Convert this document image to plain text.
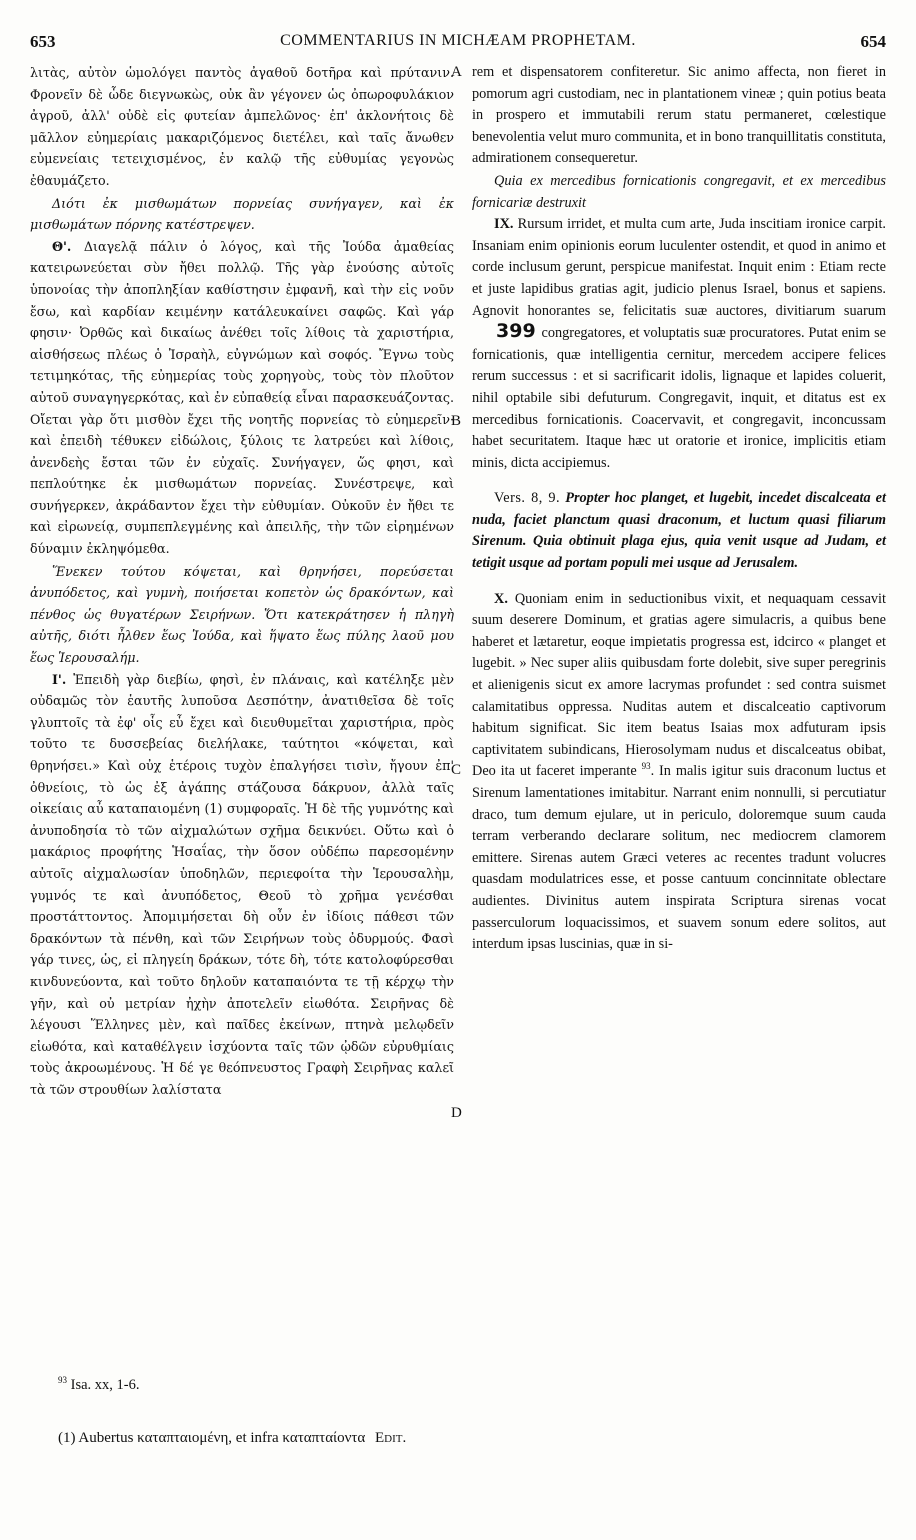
653	COMMENTARIUS IN MICHÆAM PROPHETAM.	654

λιτὰς, αὐτὸν ὡμολόγει παντὸς ἀγαθοῦ δοτῆρα καὶ πρύτανιν. Φρονεῖν δὲ ὧδε διεγνωκὼς, οὐκ ἂν γέγονεν ὡς ὀπωροφυλάκιον ἀγροῦ, ἀλλ' οὐδὲ εἰς φυτείαν ἀμπελῶνος· ἐπ' ἀκλονήτοις δὲ μᾶλλον εὐημερίαις μακαριζόμενος διετέλει, καὶ ταῖς ἄνωθεν εὐμενείαις τετειχισμένος, ἐν καλῷ τῆς εὐθυμίας γεγονὼς ἐθαυμάζετο.

Διότι ἐκ μισθωμάτων πορνείας συνήγαγεν, καὶ ἐκ μισθωμάτων πόρνης κατέστρεψεν.

Θ'. Διαγελᾷ πάλιν ὁ λόγος, καὶ τῆς Ἰούδα ἀμαθείας κατειρωνεύεται σὺν ἤθει πολλῷ. Τῆς γὰρ ἐνούσης αὐτοῖς ὑπονοίας τὴν ἀποπληξίαν καθίστησιν ἐμφανῆ, καὶ τὴν εἰς νοῦν ἔσω, καὶ καρδίαν κειμένην κατάλευκαίνει σαφῶς. Καὶ γάρ φησιν· Ὀρθῶς καὶ δικαίως ἀνέθει τοῖς λίθοις τὰ χαριστήρια, αἰσθήσεως πλέως ὁ Ἰσραὴλ, εὐγνώμων καὶ σοφός. Ἔγνω τοὺς τετιμηκότας, τῆς εὐημερίας τοὺς χορηγοὺς, τοὺς τὸν πλοῦτον αὐτοῦ συναγηγερκότας, καὶ ἐν εὐπαθείᾳ εἶναι παρασκευάζοντας. Οἴεται γὰρ ὅτι μισθὸν ἔχει τῆς νοητῆς πορνείας τὸ εὐημερεῖν· καὶ ἐπειδὴ τέθυκεν εἰδώλοις, ξύλοις τε λατρεύει καὶ λίθοις, ἀνενδεὴς ἔσται τῶν ἐν εὐχαῖς. Συνήγαγεν, ὥς φησι, καὶ πεπλούτηκε ἐκ μισθωμάτων πορνείας. Συνέστρεψε, καὶ συνήγερκεν, ἀκράδαντον ἔχει τὴν εὐθυμίαν. Οὐκοῦν ἐν ἤθει τε καὶ εἰρωνείᾳ, συμπεπλεγμένης καὶ ἀπειλῆς, τὴν τῶν εἰρημένων δύναμιν ἐκληψόμεθα.

Ἕνεκεν τούτου κόψεται, καὶ θρηνήσει, πορεύσεται ἀνυπόδετος, καὶ γυμνὴ, ποιήσεται κοπετὸν ὡς δρακόντων, καὶ πένθος ὡς θυγατέρων Σειρήνων. Ὅτι κατεκράτησεν ἡ πληγὴ αὐτῆς, διότι ἦλθεν ἕως Ἰούδα, καὶ ἥψατο ἕως πύλης λαοῦ μου ἕως Ἱερουσαλήμ.

Ι'. Ἐπειδὴ γὰρ διεβίω, φησὶ, ἐν πλάναις, καὶ κατέληξε μὲν οὐδαμῶς τὸν ἑαυτῆς λυποῦσα Δεσπότην, ἀνατιθεῖσα δὲ τοῖς γλυπτοῖς τὰ ἐφ' οἷς εὖ ἔχει καὶ διευθυμεῖται χαριστήρια, πρὸς τοῦτο τε δυσσεβείας διελήλακε, ταύτητοι «κόψεται, καὶ θρηνήσει.» Καὶ οὐχ ἑτέροις τυχὸν ἐπαλγήσει τισὶν, ἤγουν ἐπ' ὀθνείοις, τὸ ὡς ἐξ ἀγάπης στάζουσα δάκρυον, ἀλλὰ ταῖς οἰκείαις αὖ καταπαιομένη (1) συμφοραῖς. Ἡ δὲ τῆς γυμνότης καὶ ἀνυποδησία τὸ τῶν αἰχμαλώτων σχῆμα δεικνύει. Οὕτω καὶ ὁ μακάριος προφήτης Ἡσαΐας, τὴν ὅσον οὐδέπω παρεσομένην αὐτοῖς αἰχμαλωσίαν ὑποδηλῶν, περιεφοίτα τὴν Ἱερουσαλὴμ, γυμνός τε καὶ ἀνυπόδετος, Θεοῦ τὸ χρῆμα γενέσθαι προστάττοντος. Ἀπομιμήσεται δὴ οὖν ἐν ἰδίοις πάθεσι τῶν δρακόντων τὰ πένθη, καὶ τῶν Σειρήνων τοὺς ὀδυρμούς. Φασὶ γάρ τινες, ὡς, εἰ πληγείη δράκων, τότε δὴ, τότε κατολοφύρεσθαι κινδυνεύοντα, καὶ τοῦτο δηλοῦν καταπαιόντα τε τῇ κέρχῳ τὴν γῆν, καὶ οὐ μετρίαν ἠχὴν ἀποτελεῖν εἰωθότα. Σειρῆνας δὲ λέγουσι Ἕλληνες μὲν, καὶ παῖδες ἐκείνων, πτηνὰ μελῳδεῖν εἰωθότα, καὶ καταθέλγειν ἰσχύοντα ταῖς τῶν ᾠδῶν εὐρυθμίαις τοὺς ἀκροωμένους. Ἡ δέ γε θεόπνευστος Γραφὴ Σειρῆνας καλεῖ τὰ τῶν στρουθίων λαλίστατα

A
B
C
D

rem et dispensatorem confiteretur. Sic animo affecta, non fieret in pomorum agri custodiam, nec in plantationem vineæ ; quin potius beata in prospero et immutabili rerum statu permaneret, cœlestique benevolentia velut muro communita, et in bono tranquillitatis constituta, admirationem consequeretur.

Quia ex mercedibus fornicationis congregavit, et ex mercedibus fornicariæ destruxit

IX. Rursum irridet, et multa cum arte, Juda inscitiam ironice carpit. Insaniam enim opinionis eorum luculenter ostendit, et quod in animo et corde inclusum gerunt, perspicue manifestat. Inquit enim : Etiam recte et juste lapidibus gratias agit, judicio plenus Israel, bonus et sapiens. Agnovit honorantes se, felicitatis suæ auctores, divitiarum suarum 399 congregatores, et voluptatis suæ procuratores. Putat enim se fornicationis, quæ intelligentia cernitur, mercedem accipere felices rerum successus : et si sacrificarit idolis, lignaque et lapides coluerit, nihil optabile sibi defuturum. Congregavit, inquit, et ditatus est ex mercedibus fornicationis. Coacervavit, et congregavit, inconcussam habet securitatem. Itaque hæc ut oratorie et ironice, implicitis etiam minis, dicta accipiemus.

Vers. 8, 9. Propter hoc planget, et lugebit, incedet discalceata et nuda, faciet planctum quasi draconum, et luctum quasi filiarum Sirenum. Quia obtinuit plaga ejus, quia venit usque ad Judam, et tetigit usque ad portam populi mei usque ad Jerusalem.

X. Quoniam enim in seductionibus vixit, et nequaquam cessavit suum deserere Dominum, et gratias agere simulacris, a quibus bene haberet et lætaretur, eoque impietatis progressa est, idcirco « planget et lugebit. » Nec super aliis quibusdam forte dolebit, sive super peregrinis et alienigenis sicut ex amore lacrymas profundet : sed contra suismet calamitatibus oppressa. Nuditas autem et discalceatio captivorum habitum significat. Sic item beatus Isaias mox adfuturam ipsis captivitatem subindicans, Hierosolymam nudus et discalceatus obibat, Deo ita ut faceret imperante $^{93}$. In malis igitur suis draconum luctus et Sirenum lamentationes imitabitur. Narrant enim nonnulli, si percutiatur draco, tum demum ejulare, ut in periculo, doloremque suum cauda terram verberando declarare solitum, nec mediocrem clamorem emittere. Sirenas autem Græci veteres ac recentes tradunt volucres quasdam modulatrices esse, et posse cantuum concinnitate oblectare audientes. Divinitus autem inspirata Scriptura sirenas vocat passerculorum loquacissimos, et suavem sonum edere solitos, aut interdum ipsas luscinias, quæ in si-

$^{93}$ Isa. xx, 1-6.
(1) Aubertus καταπταιομένη, et infra καταπταίοντα Edit.
